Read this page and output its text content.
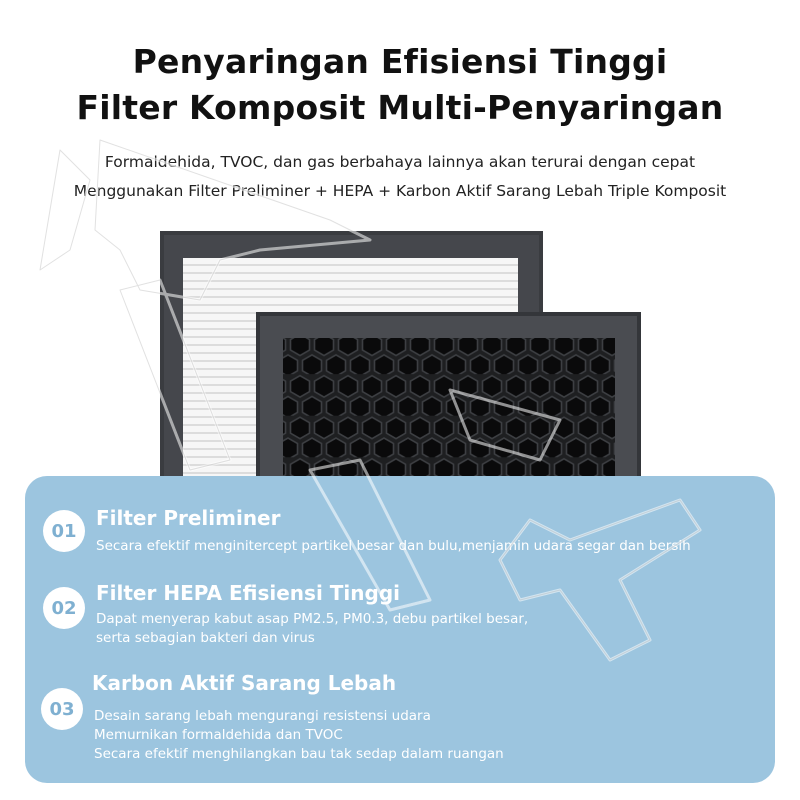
Penyaringan Efisiensi Tinggi
Filter Komposit Multi-Penyaringan
Formaldehida, TVOC, dan gas berbahaya lainnya akan terurai dengan cepat
Menggunakan Filter Preliminer + HEPA + Karbon Aktif Sarang Lebah Triple Komposit
01
Filter Preliminer
Secara efektif menginitercept partikel besar dan bulu,menjamin udara segar dan bersih
02
Filter HEPA Efisiensi Tinggi
Dapat menyerap kabut asap PM2.5, PM0.3, debu partikel besar,
serta sebagian bakteri dan virus
03
Karbon Aktif Sarang Lebah
Desain sarang lebah mengurangi resistensi udara
Memurnikan formaldehida dan TVOC
Secara efektif menghilangkan bau tak sedap dalam ruangan
